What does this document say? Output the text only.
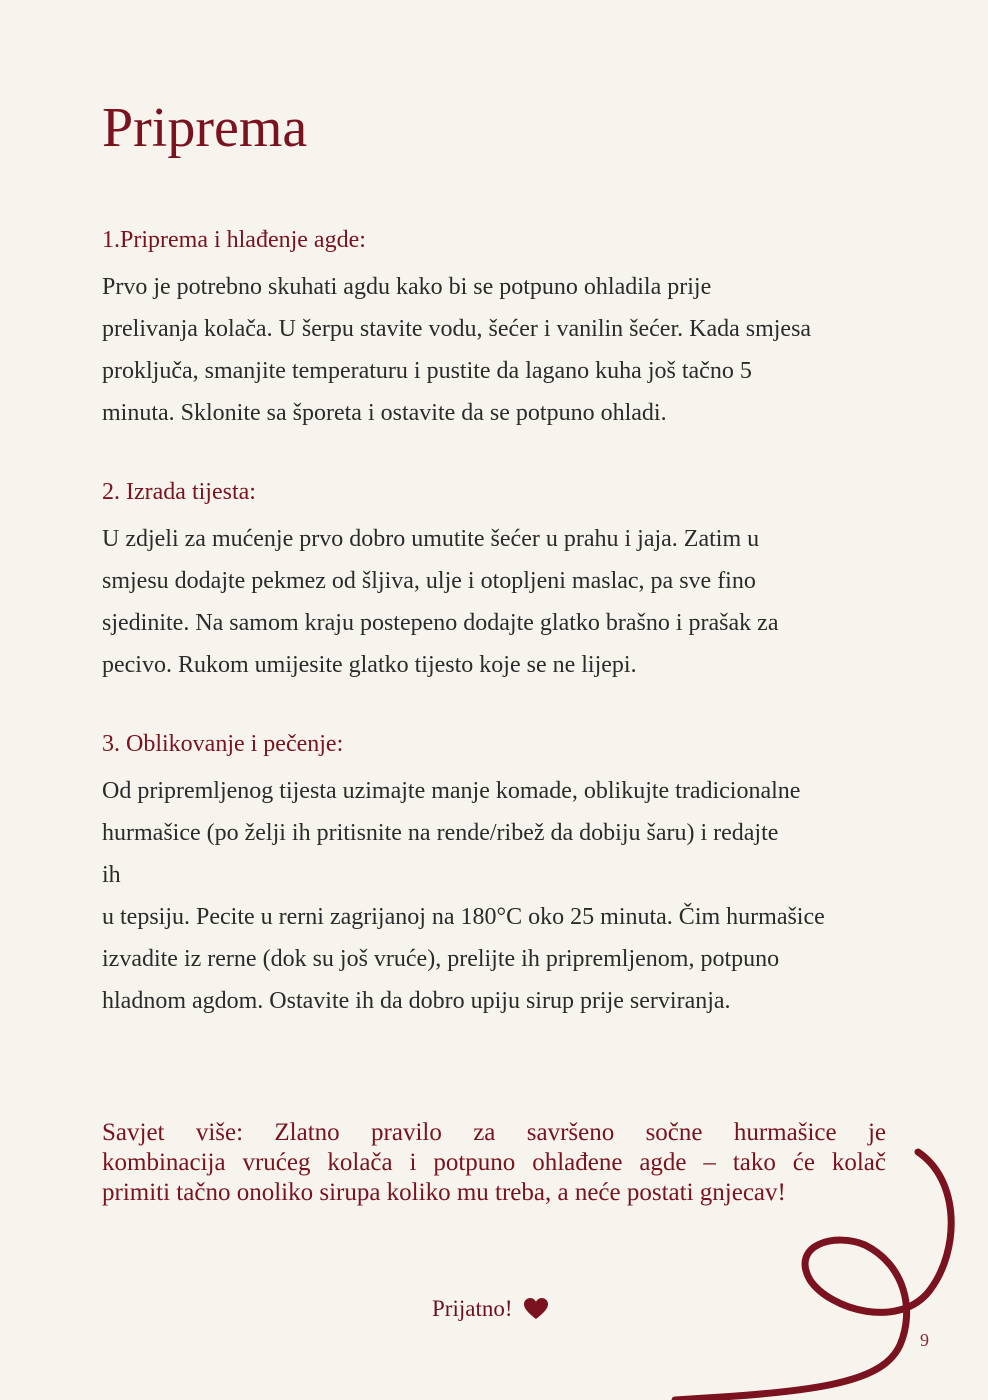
Priprema
1.Priprema i hlađenje agde:

Prvo je potrebno skuhati agdu kako bi se potpuno ohladila prije
prelivanja kolača. U šerpu stavite vodu, šećer i vanilin šećer. Kada smjesa
proključa, smanjite temperaturu i pustite da lagano kuha još tačno 5
minuta. Sklonite sa šporeta i ostavite da se potpuno ohladi.

2. Izrada tijesta:

U zdjeli za mućenje prvo dobro umutite šećer u prahu i jaja. Zatim u
smjesu dodajte pekmez od šljiva, ulje i otopljeni maslac, pa sve fino
sjedinite. Na samom kraju postepeno dodajte glatko brašno i prašak za
pecivo. Rukom umijesite glatko tijesto koje se ne lijepi.

3. Oblikovanje i pečenje:

Od pripremljenog tijesta uzimajte manje komade, oblikujte tradicionalne
hurmašice (po želji ih pritisnite na rende/ribež da dobiju šaru) i redajte
ih
u tepsiju. Pecite u rerni zagrijanoj na 180°C oko 25 minuta. Čim hurmašice
izvadite iz rerne (dok su još vruće), prelijte ih pripremljenom, potpuno
hladnom agdom. Ostavite ih da dobro upiju sirup prije serviranja.

Savjet više: Zlatno pravilo za savršeno sočne hurmašice je
kombinacija vrućeg kolača i potpuno ohlađene agde – tako će kolač
primiti tačno onoliko sirupa koliko mu treba, a neće postati gnjecav!

Prijatno!
9
